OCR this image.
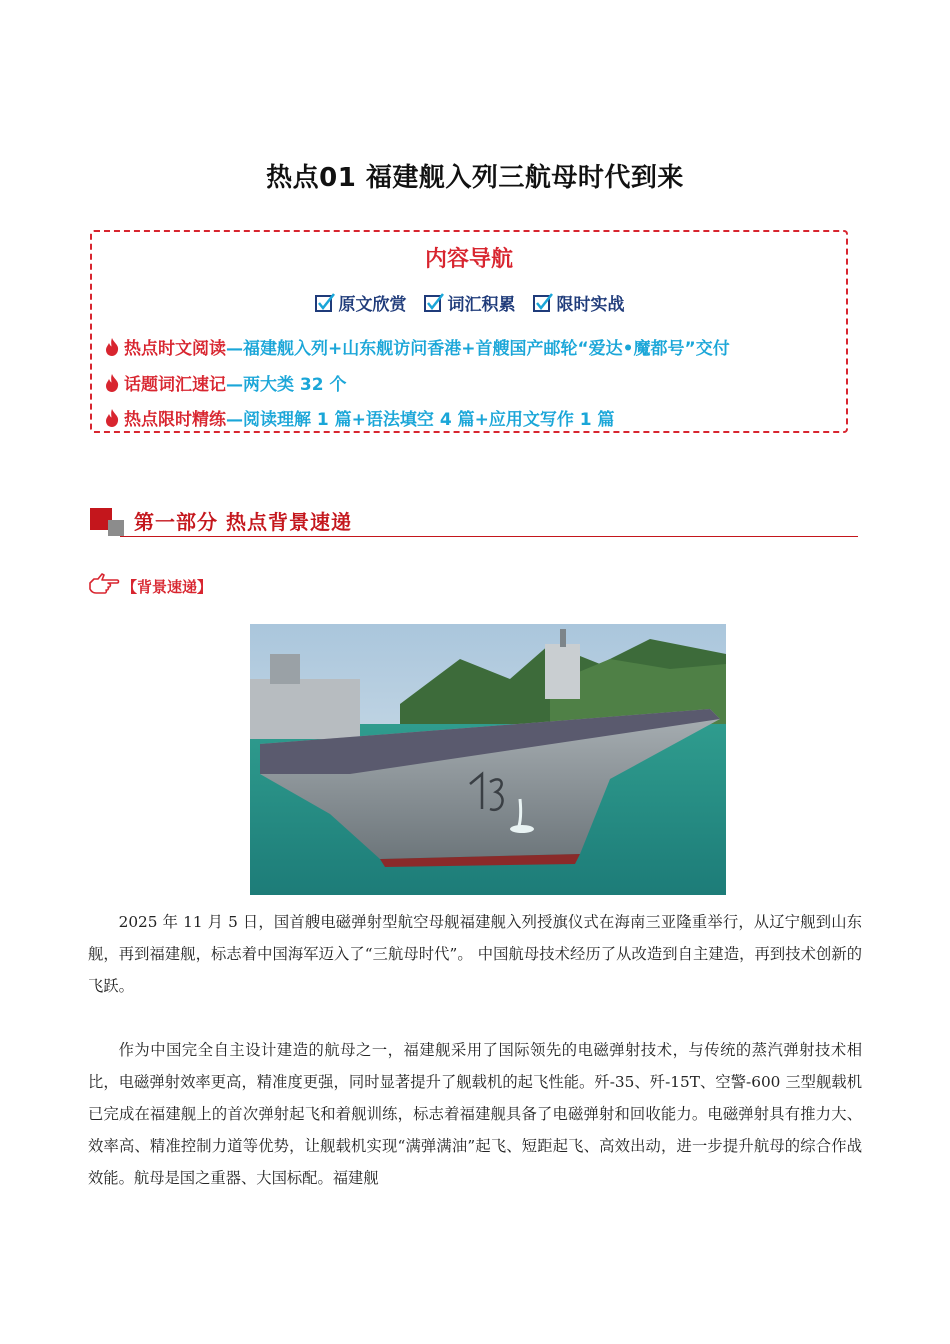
热点01 福建舰入列三航母时代到来
内容导航
原文欣赏 词汇积累 限时实战
热点时文阅读 —福建舰入列+山东舰访问香港+首艘国产邮轮“爱达•魔都号”交付
话题词汇速记 —两大类 32 个
热点限时精练 —阅读理解 1 篇+语法填空 4 篇+应用文写作 1 篇
第一部分 热点背景速递
【背景速递】

2025 年 11 月 5 日，国首艘电磁弹射型航空母舰福建舰入列授旗仪式在海南三亚隆重举行，从辽宁舰到山东舰，再到福建舰，标志着中国海军迈入了“三航母时代”。 中国航母技术经历了从改造到自主建造，再到技术创新的飞跃。

作为中国完全自主设计建造的航母之一，福建舰采用了国际领先的电磁弹射技术，与传统的蒸汽弹射技术相比，电磁弹射效率更高，精准度更强，同时显著提升了舰载机的起飞性能。歼-35、歼-15T、空警-600 三型舰载机已完成在福建舰上的首次弹射起飞和着舰训练，标志着福建舰具备了电磁弹射和回收能力。电磁弹射具有推力大、效率高、精准控制力道等优势，让舰载机实现“满弹满油”起飞、短距起飞、高效出动，进一步提升航母的综合作战效能。航母是国之重器、大国标配。福建舰
